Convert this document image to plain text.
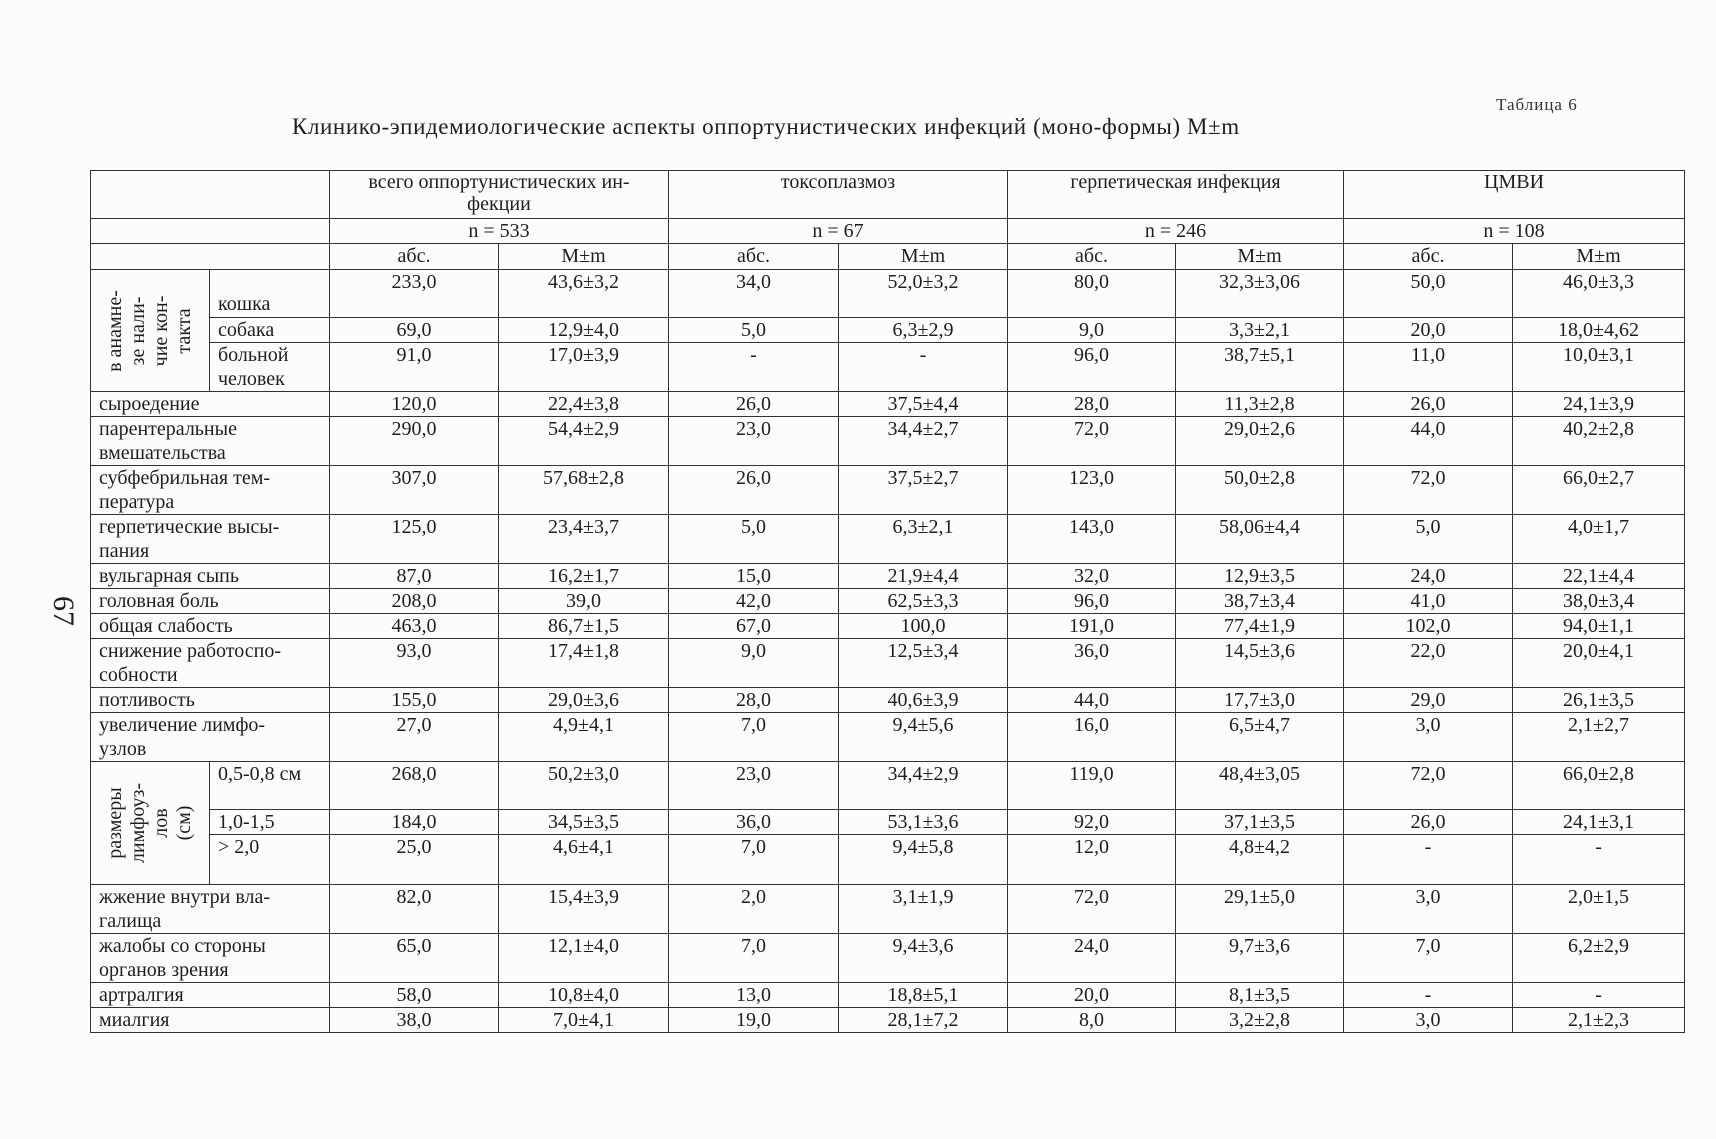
67
Таблица 6
Клинико-эпидемиологические аспекты оппортунистических инфекций (моно-формы) М±m
		всего оппортунистических ин-
фекции		токсоплазмоз		герпетическая инфекция		ЦМВИ	
		n = 533		n = 67		n = 246		n = 108	
		абс.	М±m	абс.	М±m	абс.	М±m	абс.	М±m

в анамне-
зе нали-
чие кон-
такта	кошка	233,0	43,6±3,2	34,0	52,0±3,2	80,0	32,3±3,06	50,0	46,0±3,3
	собака	69,0	12,9±4,0	5,0	6,3±2,9	9,0	3,3±2,1	20,0	18,0±4,62
	больной
человек	91,0	17,0±3,9	-	-	96,0	38,7±5,1	11,0	10,0±3,1
сыроедение		120,0	22,4±3,8	26,0	37,5±4,4	28,0	11,3±2,8	26,0	24,1±3,9
парентеральные
вмешательства		290,0	54,4±2,9	23,0	34,4±2,7	72,0	29,0±2,6	44,0	40,2±2,8
субфебрильная тем-
пература		307,0	57,68±2,8	26,0	37,5±2,7	123,0	50,0±2,8	72,0	66,0±2,7
герпетические высы-
пания		125,0	23,4±3,7	5,0	6,3±2,1	143,0	58,06±4,4	5,0	4,0±1,7
вульгарная сыпь		87,0	16,2±1,7	15,0	21,9±4,4	32,0	12,9±3,5	24,0	22,1±4,4
головная боль		208,0	39,0	42,0	62,5±3,3	96,0	38,7±3,4	41,0	38,0±3,4
общая слабость		463,0	86,7±1,5	67,0	100,0	191,0	77,4±1,9	102,0	94,0±1,1
снижение работоспо-
собности		93,0	17,4±1,8	9,0	12,5±3,4	36,0	14,5±3,6	22,0	20,0±4,1
потливость		155,0	29,0±3,6	28,0	40,6±3,9	44,0	17,7±3,0	29,0	26,1±3,5
увеличение лимфо-
узлов		27,0	4,9±4,1	7,0	9,4±5,6	16,0	6,5±4,7	3,0	2,1±2,7

размеры
лимфоуз-
лов
(см)	0,5-0,8 см	268,0	50,2±3,0	23,0	34,4±2,9	119,0	48,4±3,05	72,0	66,0±2,8
	1,0-1,5	184,0	34,5±3,5	36,0	53,1±3,6	92,0	37,1±3,5	26,0	24,1±3,1
	> 2,0	25,0	4,6±4,1	7,0	9,4±5,8	12,0	4,8±4,2	-	-
жжение внутри вла-
галища		82,0	15,4±3,9	2,0	3,1±1,9	72,0	29,1±5,0	3,0	2,0±1,5
жалобы со стороны
органов зрения		65,0	12,1±4,0	7,0	9,4±3,6	24,0	9,7±3,6	7,0	6,2±2,9
артралгия		58,0	10,8±4,0	13,0	18,8±5,1	20,0	8,1±3,5	-	-
миалгия		38,0	7,0±4,1	19,0	28,1±7,2	8,0	3,2±2,8	3,0	2,1±2,3
